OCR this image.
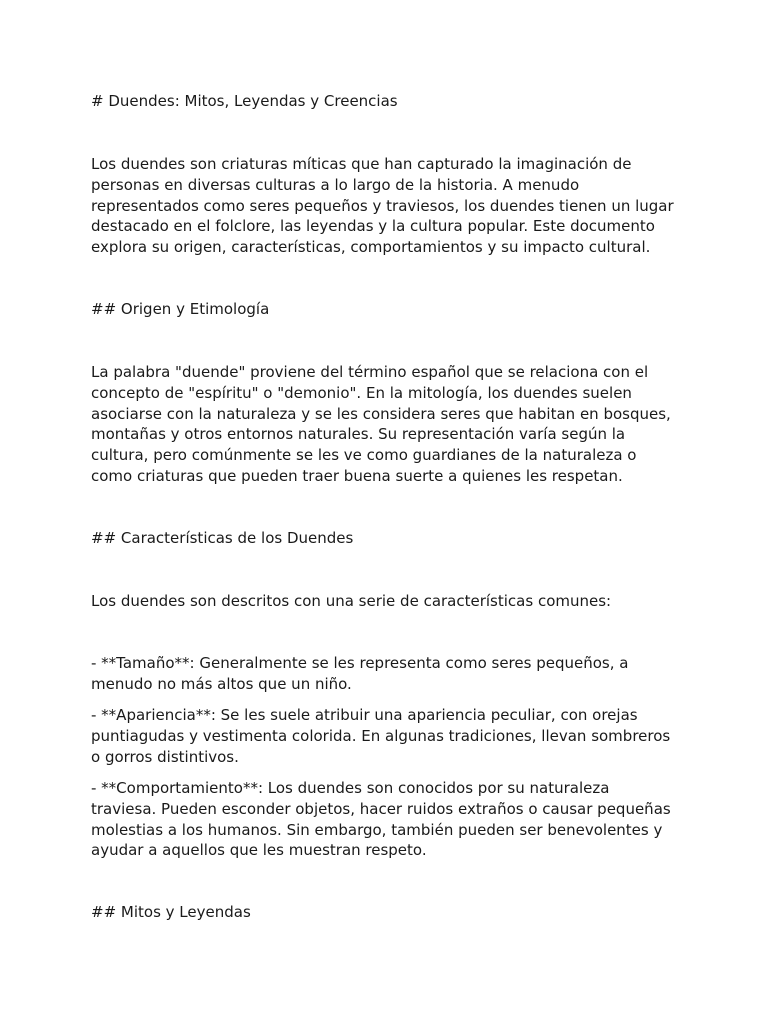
# Duendes: Mitos, Leyendas y Creencias

Los duendes son criaturas míticas que han capturado la imaginación de
personas en diversas culturas a lo largo de la historia. A menudo
representados como seres pequeños y traviesos, los duendes tienen un lugar
destacado en el folclore, las leyendas y la cultura popular. Este documento
explora su origen, características, comportamientos y su impacto cultural.

## Origen y Etimología

La palabra "duende" proviene del término español que se relaciona con el
concepto de "espíritu" o "demonio". En la mitología, los duendes suelen
asociarse con la naturaleza y se les considera seres que habitan en bosques,
montañas y otros entornos naturales. Su representación varía según la
cultura, pero comúnmente se les ve como guardianes de la naturaleza o
como criaturas que pueden traer buena suerte a quienes les respetan.

## Características de los Duendes

Los duendes son descritos con una serie de características comunes:

- **Tamaño**: Generalmente se les representa como seres pequeños, a
menudo no más altos que un niño.
- **Apariencia**: Se les suele atribuir una apariencia peculiar, con orejas
puntiagudas y vestimenta colorida. En algunas tradiciones, llevan sombreros
o gorros distintivos.
- **Comportamiento**: Los duendes son conocidos por su naturaleza
traviesa. Pueden esconder objetos, hacer ruidos extraños o causar pequeñas
molestias a los humanos. Sin embargo, también pueden ser benevolentes y
ayudar a aquellos que les muestran respeto.

## Mitos y Leyendas
